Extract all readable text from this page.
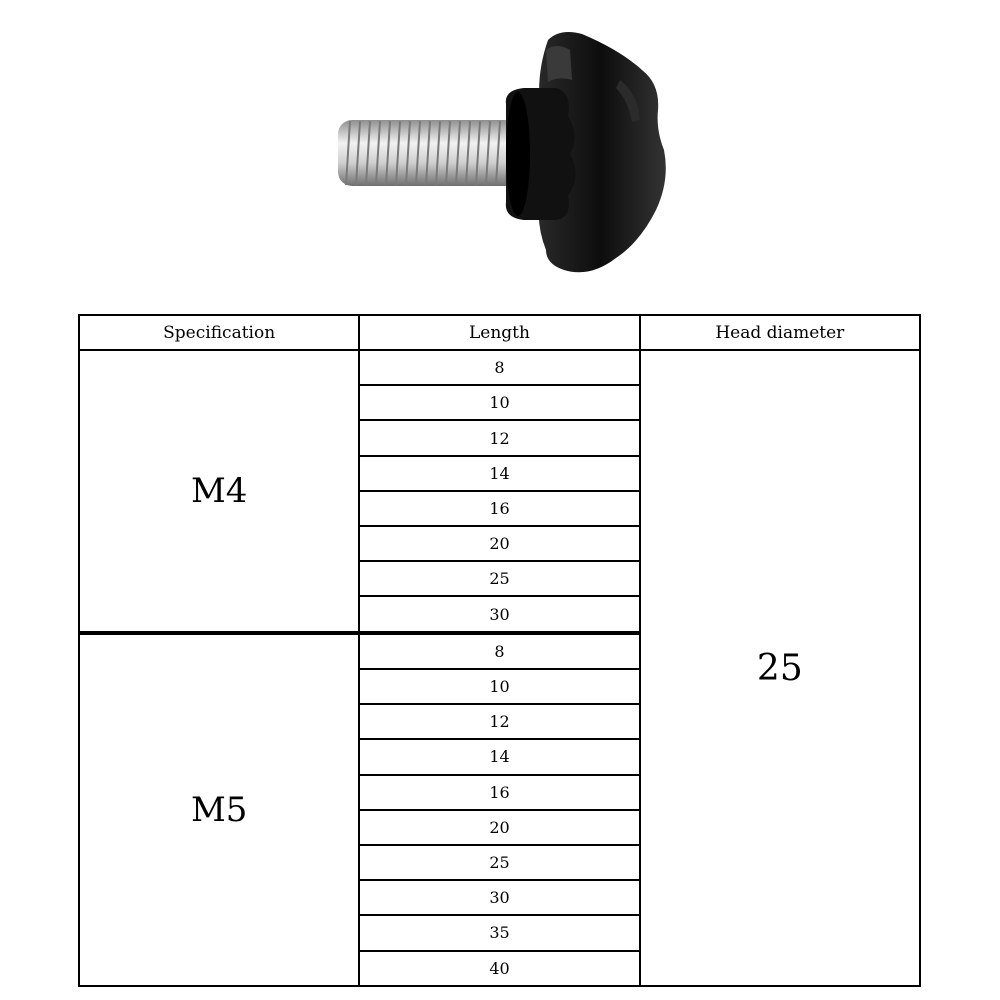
Specification	Length	Head diameter
M4	8	25
	10	
	12	
	14	
	16	
	20	
	25	
	30	
M5	8	
	10	
	12	
	14	
	16	
	20	
	25	
	30	
	35	
	40	
